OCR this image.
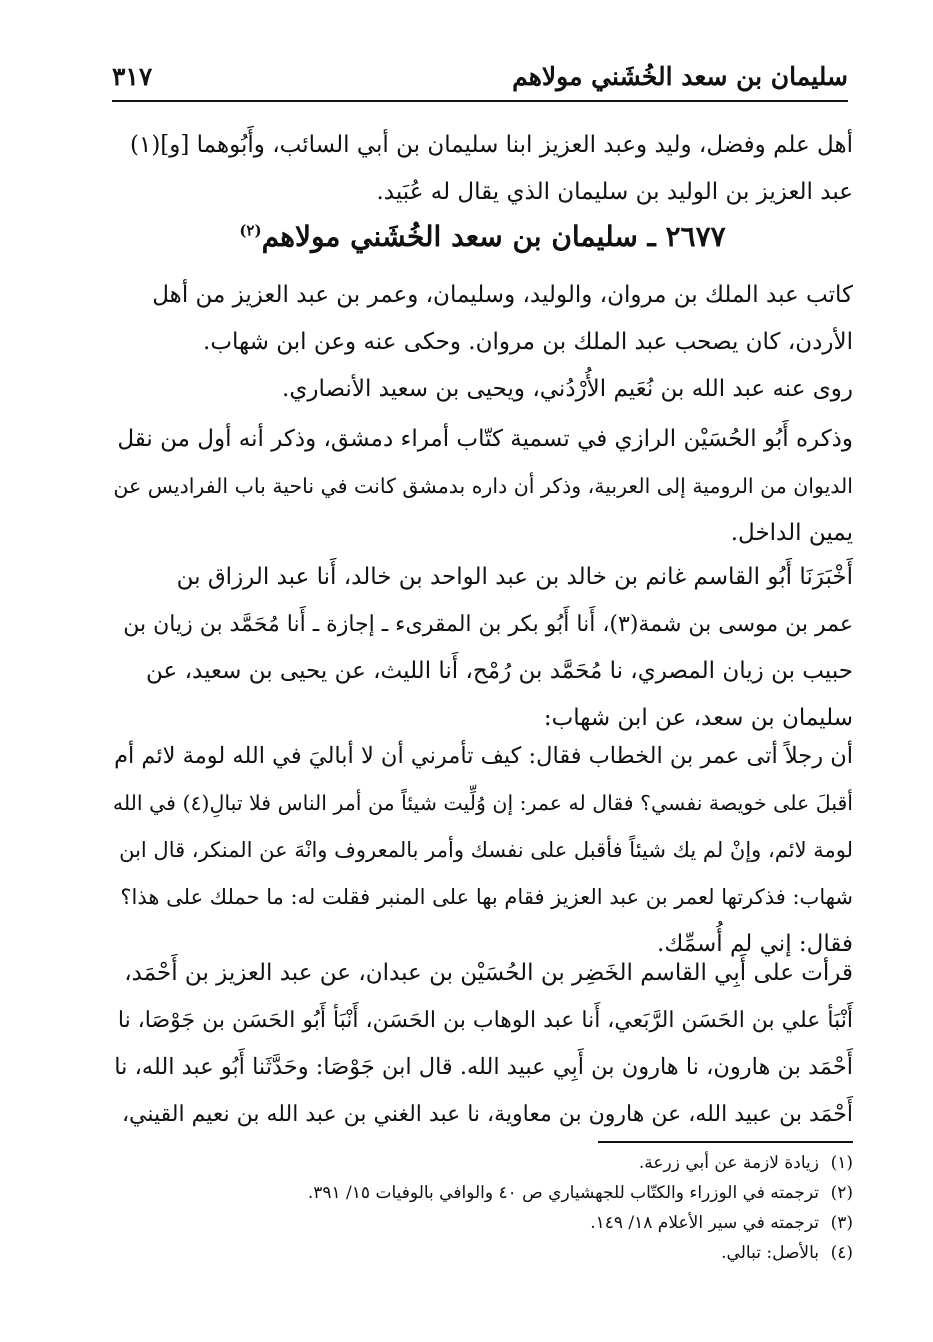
سليمان بن سعد الخُشَني مولاهم
٣١٧
أهل علم وفضل، وليد وعبد العزيز ابنا سليمان بن أبي السائب، وأَبُوهما [و](١)
عبد العزيز بن الوليد بن سليمان الذي يقال له عُبَيد.
٢٦٧٧ ـ سليمان بن سعد الخُشَني مولاهم$^{(٢)}$
كاتب عبد الملك بن مروان، والوليد، وسليمان، وعمر بن عبد العزيز من أهل
الأردن، كان يصحب عبد الملك بن مروان. وحكى عنه وعن ابن شهاب.
روى عنه عبد الله بن نُعَيم الأُرْدُني، ويحيى بن سعيد الأنصاري.
وذكره أَبُو الحُسَيْن الرازي في تسمية كتّاب أمراء دمشق، وذكر أنه أول من نقل
الديوان من الرومية إلى العربية، وذكر أن داره بدمشق كانت في ناحية باب الفراديس عن
يمين الداخل.
أَخْبَرَنَا أَبُو القاسم غانم بن خالد بن عبد الواحد بن خالد، أَنا عبد الرزاق بن
عمر بن موسى بن شمة(٣)، أَنا أَبُو بكر بن المقرىء ـ إجازة ـ أَنا مُحَمَّد بن زيان بن
حبيب بن زيان المصري، نا مُحَمَّد بن رُمْح، أَنا الليث، عن يحيى بن سعيد، عن
سليمان بن سعد، عن ابن شهاب:
أن رجلاً أتى عمر بن الخطاب فقال: كيف تأمرني أن لا أباليَ في الله لومة لائم أم
أقبلَ على خويصة نفسي؟ فقال له عمر: إن وُلِّيت شيئاً من أمر الناس فلا تبالِ(٤) في الله
لومة لائم، وإنْ لم يك شيئاً فأقبل على نفسك وأمر بالمعروف وانْهَ عن المنكر، قال ابن
شهاب: فذكرتها لعمر بن عبد العزيز فقام بها على المنبر فقلت له: ما حملك على هذا؟
فقال: إني لم أُسمِّك.
قرأت على أَبِي القاسم الخَضِر بن الحُسَيْن بن عبدان، عن عبد العزيز بن أَحْمَد،
أَنْبَأ علي بن الحَسَن الرَّبَعي، أَنا عبد الوهاب بن الحَسَن، أَنْبَأ أَبُو الحَسَن بن جَوْصَا، نا
أَحْمَد بن هارون، نا هارون بن أَبِي عبيد الله. قال ابن جَوْصَا: وحَدَّثَنا أَبُو عبد الله، نا
أَحْمَد بن عبيد الله، عن هارون بن معاوية، نا عبد الغني بن عبد الله بن نعيم القيني،
(١)زيادة لازمة عن أبي زرعة.
(٢)ترجمته في الوزراء والكتّاب للجهشياري ص ٤٠ والوافي بالوفيات ١٥/ ٣٩١.
(٣)ترجمته في سير الأعلام ١٨/ ١٤٩.
(٤)بالأصل: تبالي.
